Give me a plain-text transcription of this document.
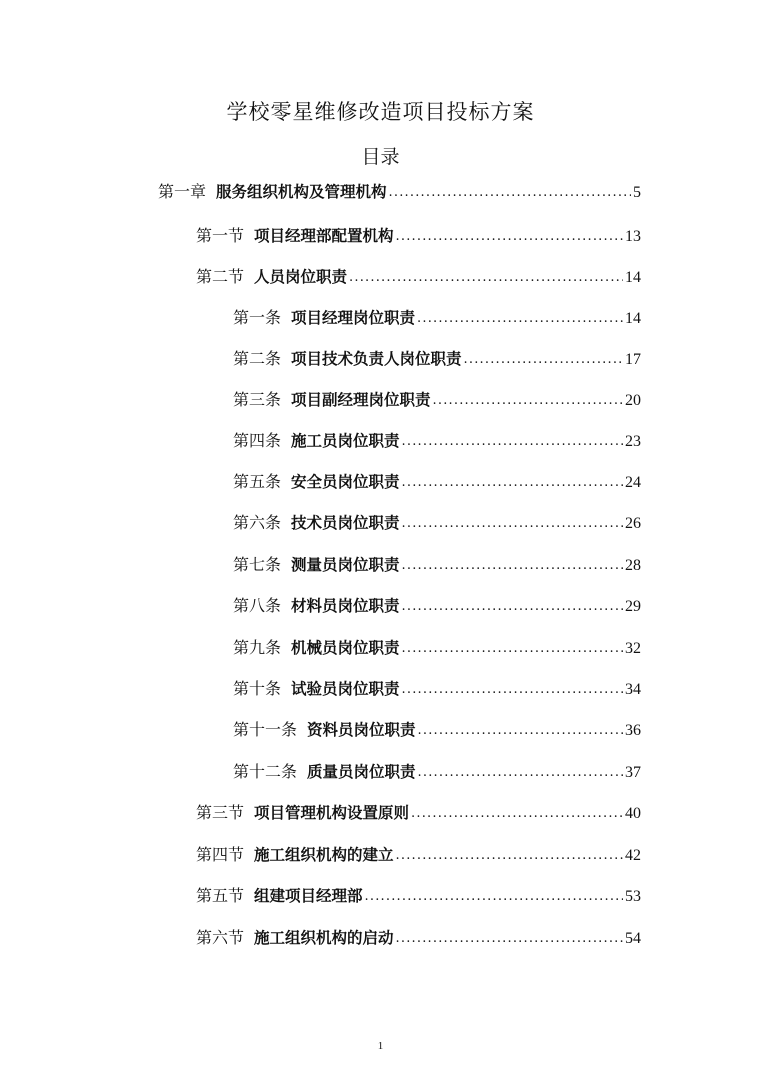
学校零星维修改造项目投标方案
目录
第一章 服务组织机构及管理机构 .....	5
第一节 项目经理部配置机构 .....	13
第二节 人员岗位职责 .....	14
第一条 项目经理岗位职责 .....	14
第二条 项目技术负责人岗位职责 .....	17
第三条 项目副经理岗位职责 .....	20
第四条 施工员岗位职责 .....	23
第五条 安全员岗位职责 .....	24
第六条 技术员岗位职责 .....	26
第七条 测量员岗位职责 .....	28
第八条 材料员岗位职责 .....	29
第九条 机械员岗位职责 .....	32
第十条 试验员岗位职责 .....	34
第十一条 资料员岗位职责 .....	36
第十二条 质量员岗位职责 .....	37
第三节 项目管理机构设置原则 .....	40
第四节 施工组织机构的建立 .....	42
第五节 组建项目经理部 .....	53
第六节 施工组织机构的启动 .....	54
1
